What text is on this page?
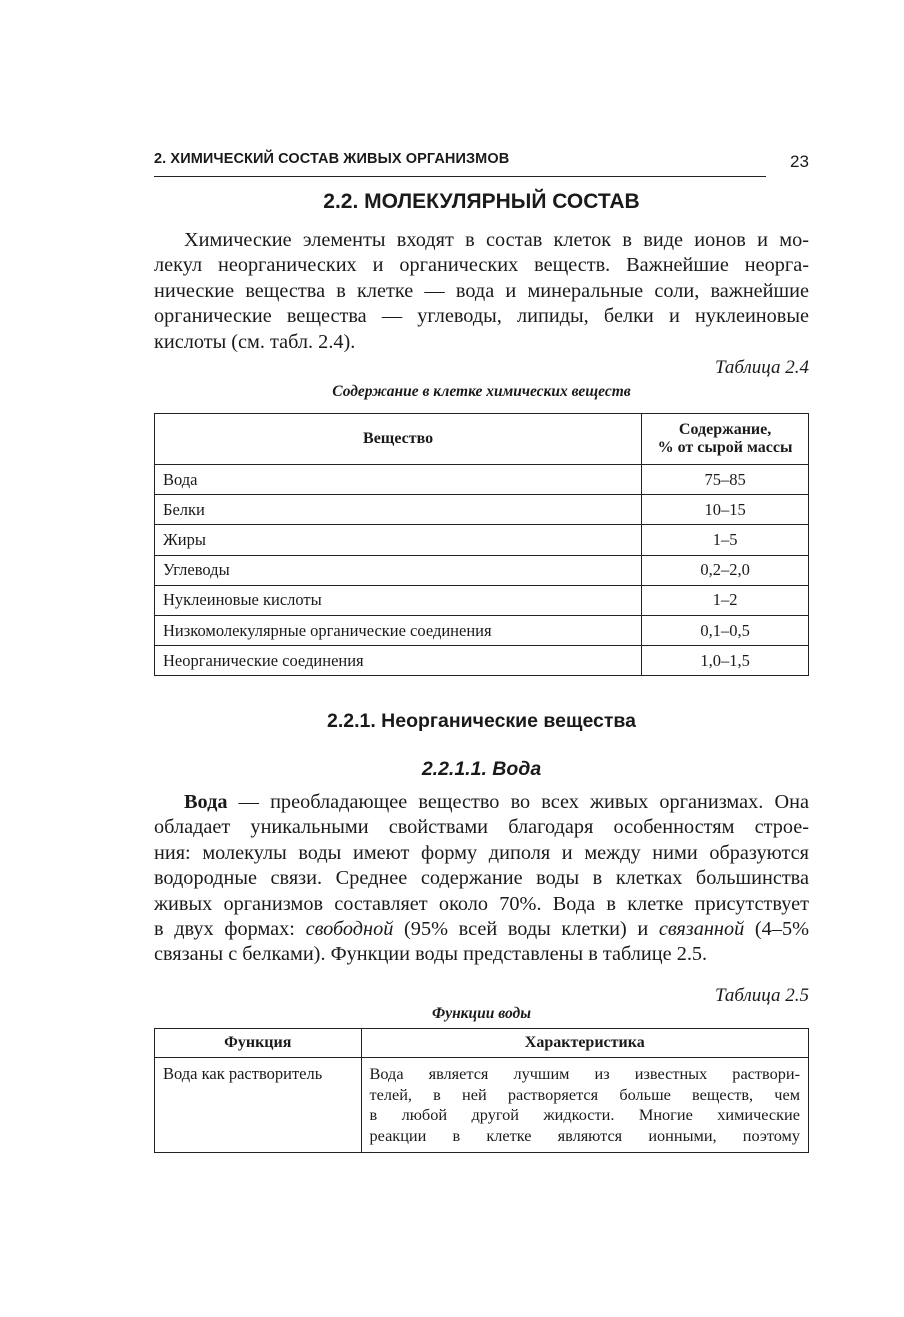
2. ХИМИЧЕСКИЙ СОСТАВ ЖИВЫХ ОРГАНИЗМОВ	23
2.2. МОЛЕКУЛЯРНЫЙ СОСТАВ
Химические элементы входят в состав клеток в виде ионов и мо-
лекул неорганических и органических веществ. Важнейшие неорга-
нические вещества в клетке — вода и минеральные соли, важнейшие
органические вещества — углеводы, липиды, белки и нуклеиновые
кислоты (см. табл. 2.4).
Таблица 2.4
Содержание в клетке химических веществ
Вещество	Содержание,
% от сырой массы
Вода	75–85
Белки	10–15
Жиры	1–5
Углеводы	0,2–2,0
Нуклеиновые кислоты	1–2
Низкомолекулярные органические соединения	0,1–0,5
Неорганические соединения	1,0–1,5
2.2.1. Неорганические вещества
2.2.1.1. Вода
Вода — преобладающее вещество во всех живых организмах. Она
обладает уникальными свойствами благодаря особенностям строе-
ния: молекулы воды имеют форму диполя и между ними образуются
водородные связи. Среднее содержание воды в клетках большинства
живых организмов составляет около 70%. Вода в клетке присутствует
в двух формах: свободной (95% всей воды клетки) и связанной (4–5%
связаны с белками). Функции воды представлены в таблице 2.5.
Таблица 2.5
Функции воды
Функция	Характеристика
Вода как растворитель	Вода является лучшим из известных раствори-
телей, в ней растворяется больше веществ, чем
в любой другой жидкости. Многие химические
реакции в клетке являются ионными, поэтому
